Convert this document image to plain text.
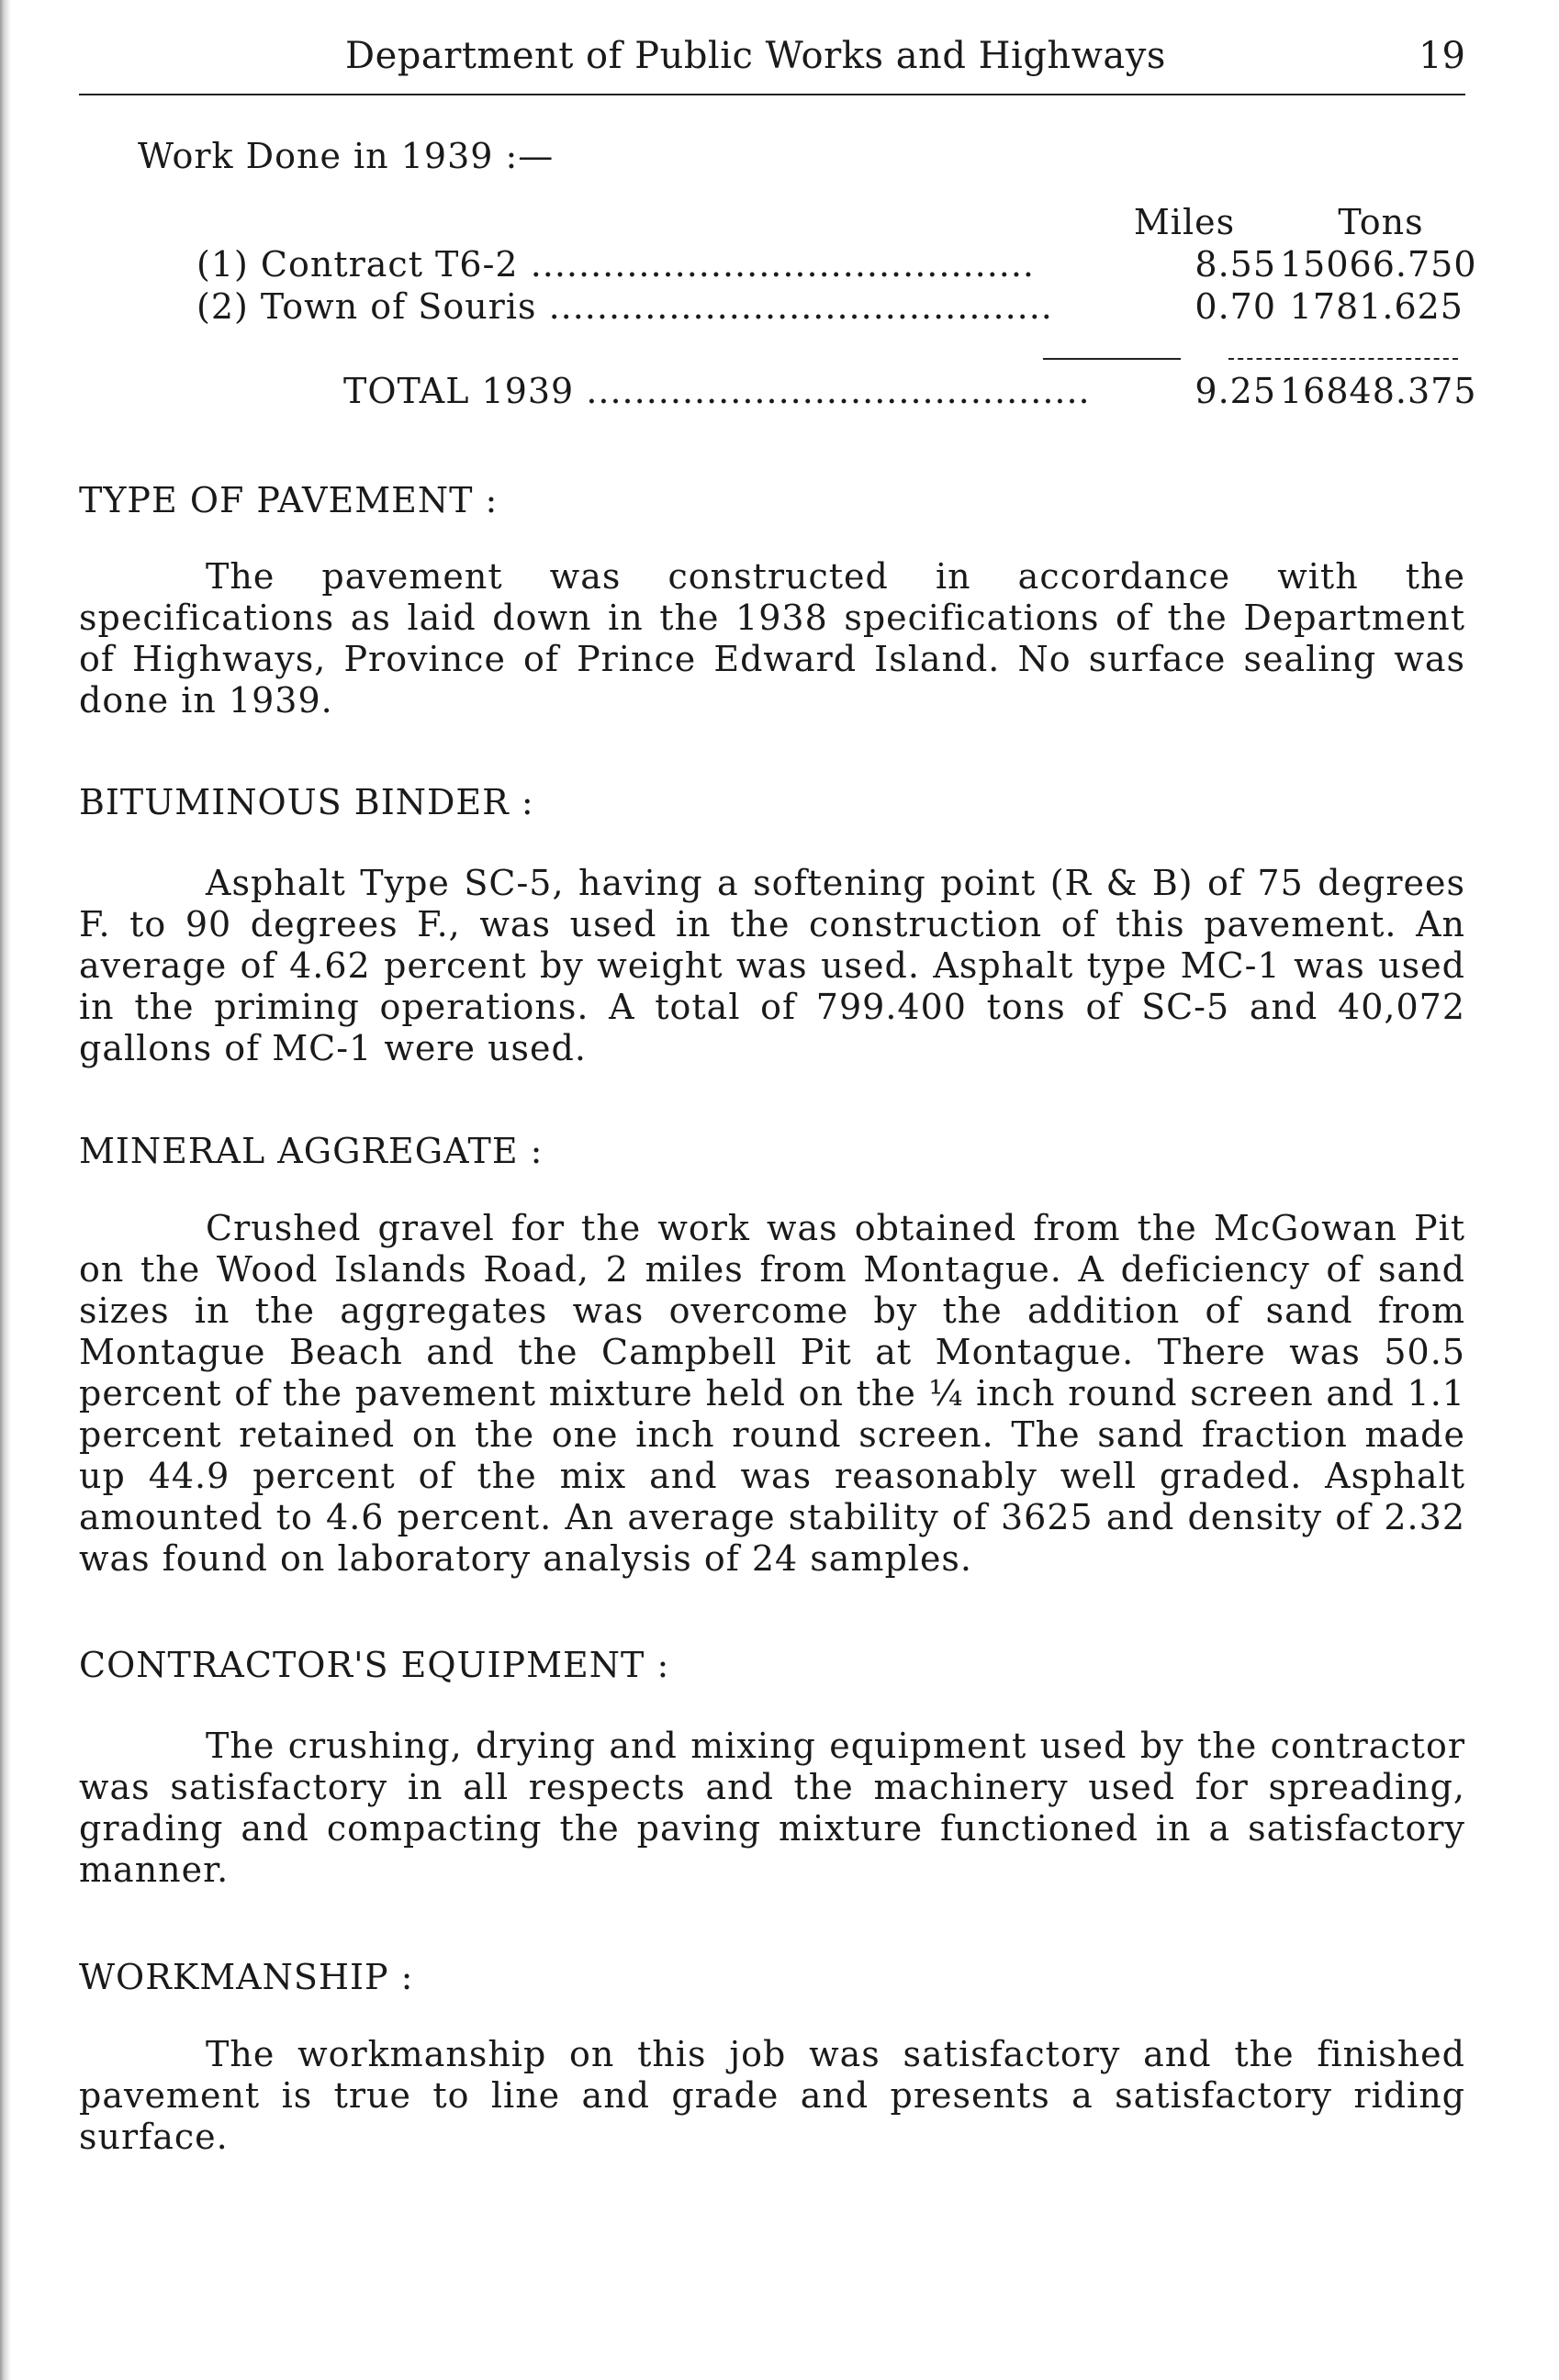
Department of Public Works and Highways	19
Work Done in 1939 :—
Miles	Tons
(1) Contract T6-2 ..........................................	8.55 15066.750
(2) Town of Souris ..........................................	0.70 1781.625
TOTAL 1939 ..........................................	9.25 16848.375
TYPE OF PAVEMENT :
The pavement was constructed in accordance with the specifications as laid down in the 1938 specifications of the Department of Highways, Province of Prince Edward Island. No surface sealing was done in 1939.
BITUMINOUS BINDER :
Asphalt Type SC-5, having a softening point (R & B) of 75 degrees F. to 90 degrees F., was used in the construction of this pavement. An average of 4.62 percent by weight was used. Asphalt type MC-1 was used in the priming operations. A total of 799.400 tons of SC-5 and 40,072 gallons of MC-1 were used.
MINERAL AGGREGATE :
Crushed gravel for the work was obtained from the McGowan Pit on the Wood Islands Road, 2 miles from Montague. A deficiency of sand sizes in the aggregates was overcome by the addition of sand from Montague Beach and the Campbell Pit at Montague. There was 50.5 percent of the pavement mixture held on the ¼ inch round screen and 1.1 percent retained on the one inch round screen. The sand fraction made up 44.9 percent of the mix and was reasonably well graded. Asphalt amounted to 4.6 percent. An average stability of 3625 and density of 2.32 was found on laboratory analysis of 24 samples.
CONTRACTOR'S EQUIPMENT :
The crushing, drying and mixing equipment used by the contractor was satisfactory in all respects and the machinery used for spreading, grading and compacting the paving mixture functioned in a satisfactory manner.
WORKMANSHIP :
The workmanship on this job was satisfactory and the finished pavement is true to line and grade and presents a satisfactory riding surface.
